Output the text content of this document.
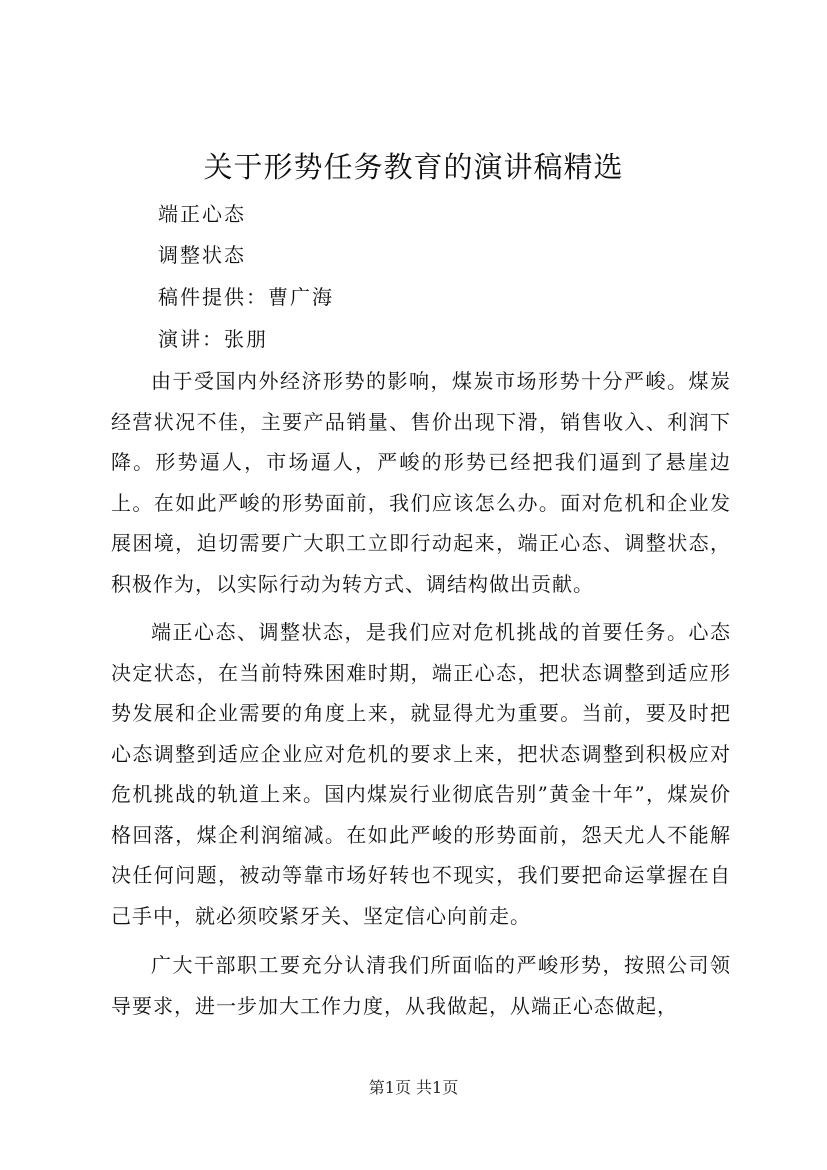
关于形势任务教育的演讲稿精选
端正心态
调整状态
稿件提供：曹广海
演讲：张朋
由于受国内外经济形势的影响，煤炭市场形势十分严峻。煤炭经营状况不佳，主要产品销量、售价出现下滑，销售收入、利润下降。形势逼人，市场逼人，严峻的形势已经把我们逼到了悬崖边上。在如此严峻的形势面前，我们应该怎么办。面对危机和企业发展困境，迫切需要广大职工立即行动起来，端正心态、调整状态，积极作为，以实际行动为转方式、调结构做出贡献。
端正心态、调整状态，是我们应对危机挑战的首要任务。心态决定状态，在当前特殊困难时期，端正心态，把状态调整到适应形势发展和企业需要的角度上来，就显得尤为重要。当前，要及时把心态调整到适应企业应对危机的要求上来，把状态调整到积极应对危机挑战的轨道上来。国内煤炭行业彻底告别”黄金十年”，煤炭价格回落，煤企利润缩减。在如此严峻的形势面前，怨天尤人不能解决任何问题，被动等靠市场好转也不现实，我们要把命运掌握在自己手中，就必须咬紧牙关、坚定信心向前走。
广大干部职工要充分认清我们所面临的严峻形势，按照公司领导要求，进一步加大工作力度，从我做起，从端正心态做起，
第1页 共1页
